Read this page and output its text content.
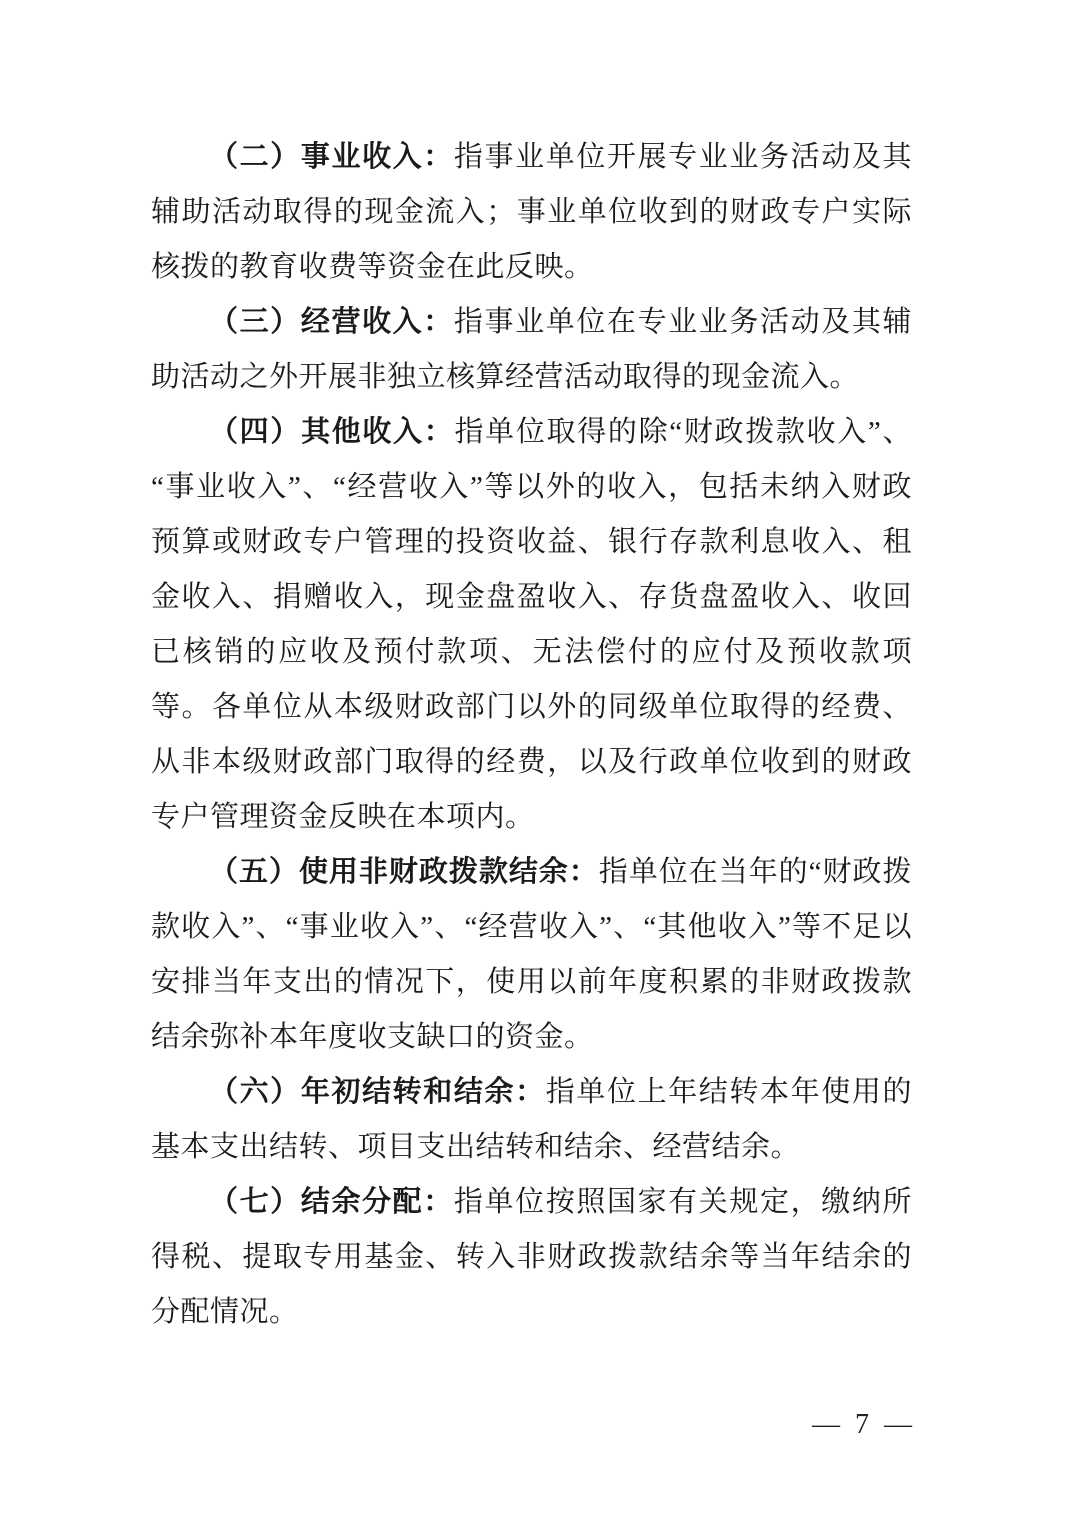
（二）事业收入：指事业单位开展专业业务活动及其辅助活动取得的现金流入；事业单位收到的财政专户实际核拨的教育收费等资金在此反映。

（三）经营收入：指事业单位在专业业务活动及其辅助活动之外开展非独立核算经营活动取得的现金流入。

（四）其他收入：指单位取得的除“财政拨款收入”、“事业收入”、“经营收入”等以外的收入，包括未纳入财政预算或财政专户管理的投资收益、银行存款利息收入、租金收入、捐赠收入，现金盘盈收入、存货盘盈收入、收回已核销的应收及预付款项、无法偿付的应付及预收款项等。各单位从本级财政部门以外的同级单位取得的经费、从非本级财政部门取得的经费，以及行政单位收到的财政专户管理资金反映在本项内。

（五）使用非财政拨款结余：指单位在当年的“财政拨款收入”、“事业收入”、“经营收入”、“其他收入”等不足以安排当年支出的情况下，使用以前年度积累的非财政拨款结余弥补本年度收支缺口的资金。

（六）年初结转和结余：指单位上年结转本年使用的基本支出结转、项目支出结转和结余、经营结余。

（七）结余分配：指单位按照国家有关规定，缴纳所得税、提取专用基金、转入非财政拨款结余等当年结余的分配情况。

— 7 —
